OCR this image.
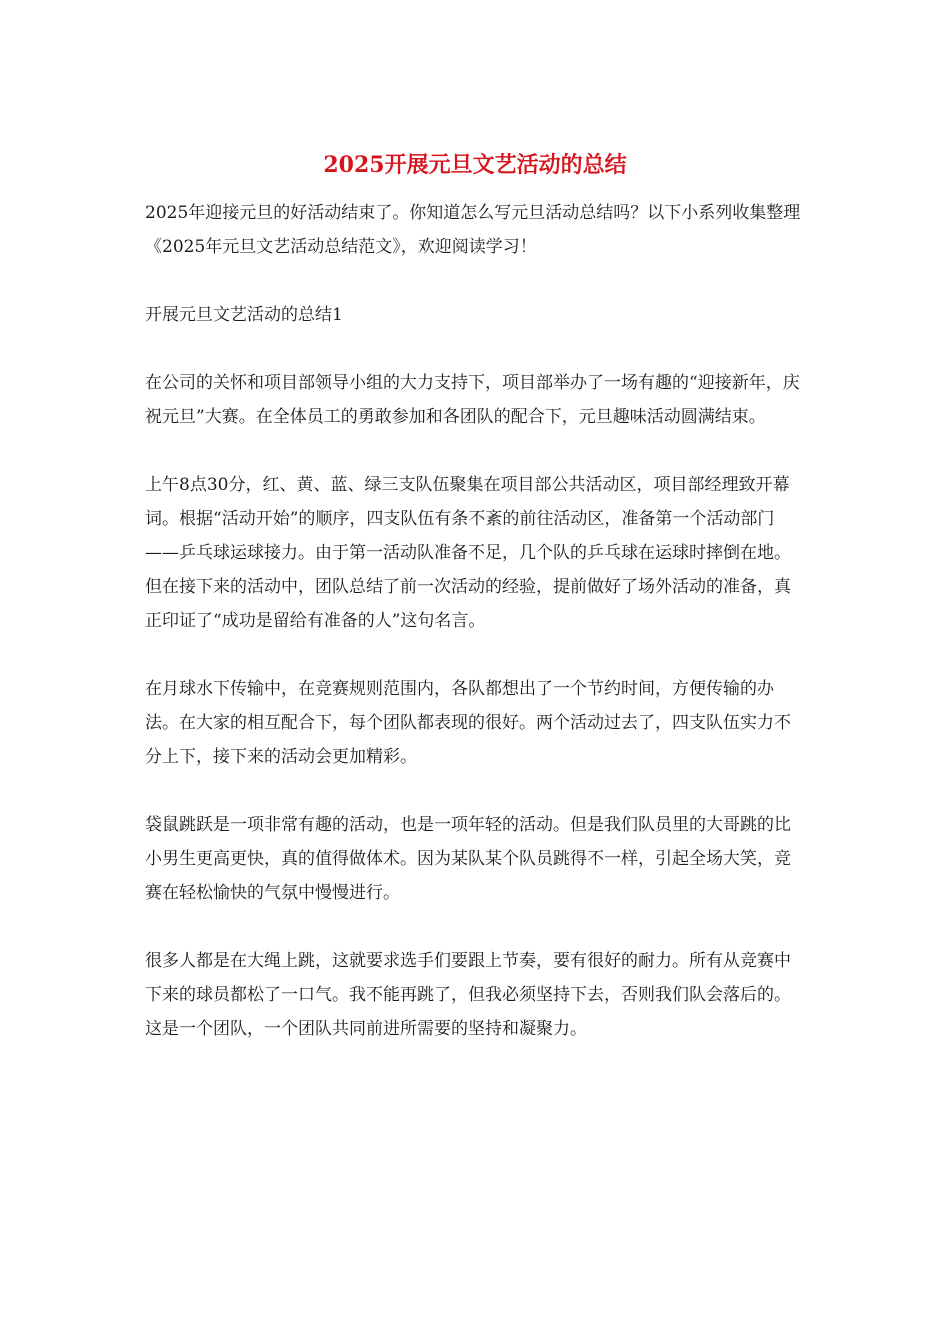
2025开展元旦文艺活动的总结

2025年迎接元旦的好活动结束了。你知道怎么写元旦活动总结吗？以下小系列收集整理《2025年元旦文艺活动总结范文》，欢迎阅读学习！

开展元旦文艺活动的总结1

在公司的关怀和项目部领导小组的大力支持下，项目部举办了一场有趣的“迎接新年，庆祝元旦”大赛。在全体员工的勇敢参加和各团队的配合下，元旦趣味活动圆满结束。

上午8点30分，红、黄、蓝、绿三支队伍聚集在项目部公共活动区，项目部经理致开幕词。根据“活动开始”的顺序，四支队伍有条不紊的前往活动区，准备第一个活动部门——乒乓球运球接力。由于第一活动队准备不足，几个队的乒乓球在运球时摔倒在地。但在接下来的活动中，团队总结了前一次活动的经验，提前做好了场外活动的准备，真正印证了“成功是留给有准备的人”这句名言。

在月球水下传输中，在竞赛规则范围内，各队都想出了一个节约时间，方便传输的办法。在大家的相互配合下，每个团队都表现的很好。两个活动过去了，四支队伍实力不分上下，接下来的活动会更加精彩。

袋鼠跳跃是一项非常有趣的活动，也是一项年轻的活动。但是我们队员里的大哥跳的比小男生更高更快，真的值得做体术。因为某队某个队员跳得不一样，引起全场大笑，竞赛在轻松愉快的气氛中慢慢进行。

很多人都是在大绳上跳，这就要求选手们要跟上节奏，要有很好的耐力。所有从竞赛中下来的球员都松了一口气。我不能再跳了，但我必须坚持下去，否则我们队会落后的。这是一个团队，一个团队共同前进所需要的坚持和凝聚力。
